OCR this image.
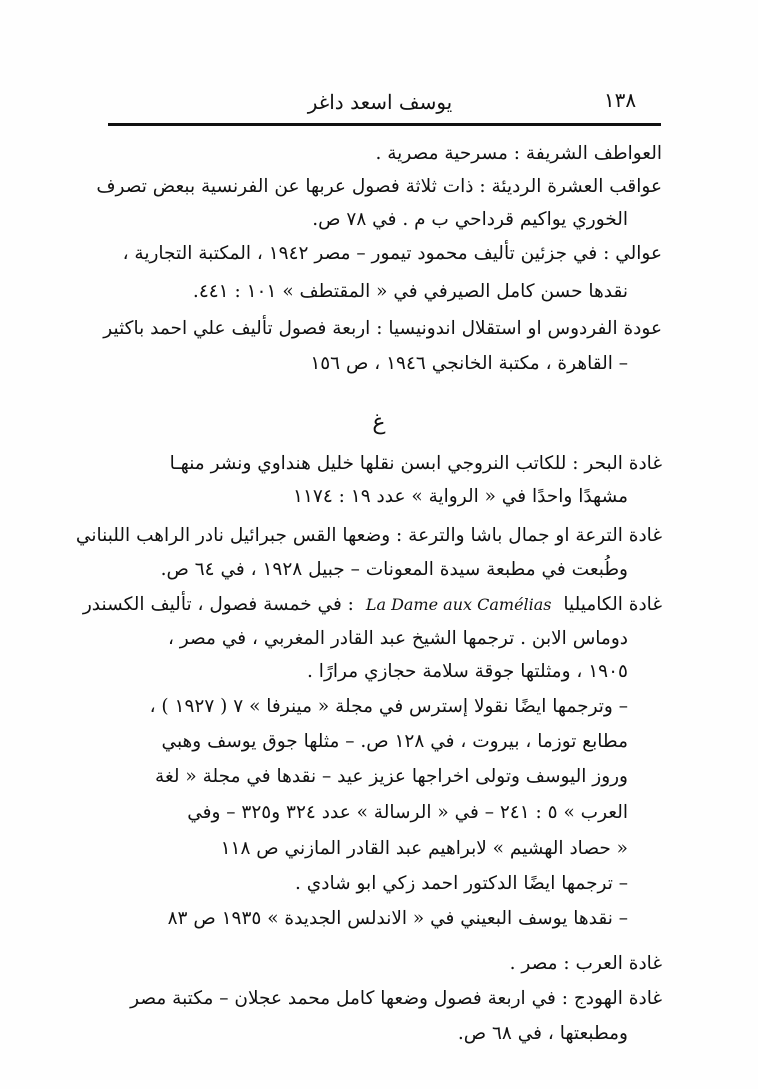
١٣٨
يوسف اسعد داغر
العواطف الشريفة : مسرحية مصرية .
عواقب العشرة الرديئة : ذات ثلاثة فصول عربها عن الفرنسية ببعض تصرف
الخوري يواكيم قرداحي ب م . في ٧٨ ص.
عوالي : في جزئين تأليف محمود تيمور – مصر ١٩٤٢ ، المكتبة التجارية ،
نقدها حسن كامل الصيرفي في « المقتطف » ١٠١ : ٤٤١.
عودة الفردوس او استقلال اندونيسيا : اربعة فصول تأليف علي احمد باكثير
– القاهرة ، مكتبة الخانجي ١٩٤٦ ، ص ١٥٦
غ
غادة البحر : للكاتب النروجي ابسن نقلها خليل هنداوي ونشر منهـا
مشهدًا واحدًا في « الرواية » عدد ١٩ : ١١٧٤
غادة الترعة او جمال باشا والترعة : وضعها القس جبرائيل نادر الراهب اللبناني
وطُبعت في مطبعة سيدة المعونات – جبيل ١٩٢٨ ، في ٦٤ ص.
غادة الكاميليا La Dame aux Camélias : في خمسة فصول ، تأليف الكسندر
دوماس الابن . ترجمها الشيخ عبد القادر المغربي ، في مصر ،
١٩٠٥ ، ومثلتها جوقة سلامة حجازي مرارًا .
– وترجمها ايضًا نقولا إسترس في مجلة « مينرفا » ٧ ( ١٩٢٧ ) ،
مطابع توزما ، بيروت ، في ١٢٨ ص. – مثلها جوق يوسف وهبي
وروز اليوسف وتولى اخراجها عزيز عيد – نقدها في مجلة « لغة
العرب » ٥ : ٢٤١ – في « الرسالة » عدد ٣٢٤ و٣٢٥ – وفي
« حصاد الهشيم » لابراهيم عبد القادر المازني ص ١١٨
– ترجمها ايضًا الدكتور احمد زكي ابو شادي .
– نقدها يوسف البعيني في « الاندلس الجديدة » ١٩٣٥ ص ٨٣
غادة العرب : مصر .
غادة الهودج : في اربعة فصول وضعها كامل محمد عجلان – مكتبة مصر
ومطبعتها ، في ٦٨ ص.
